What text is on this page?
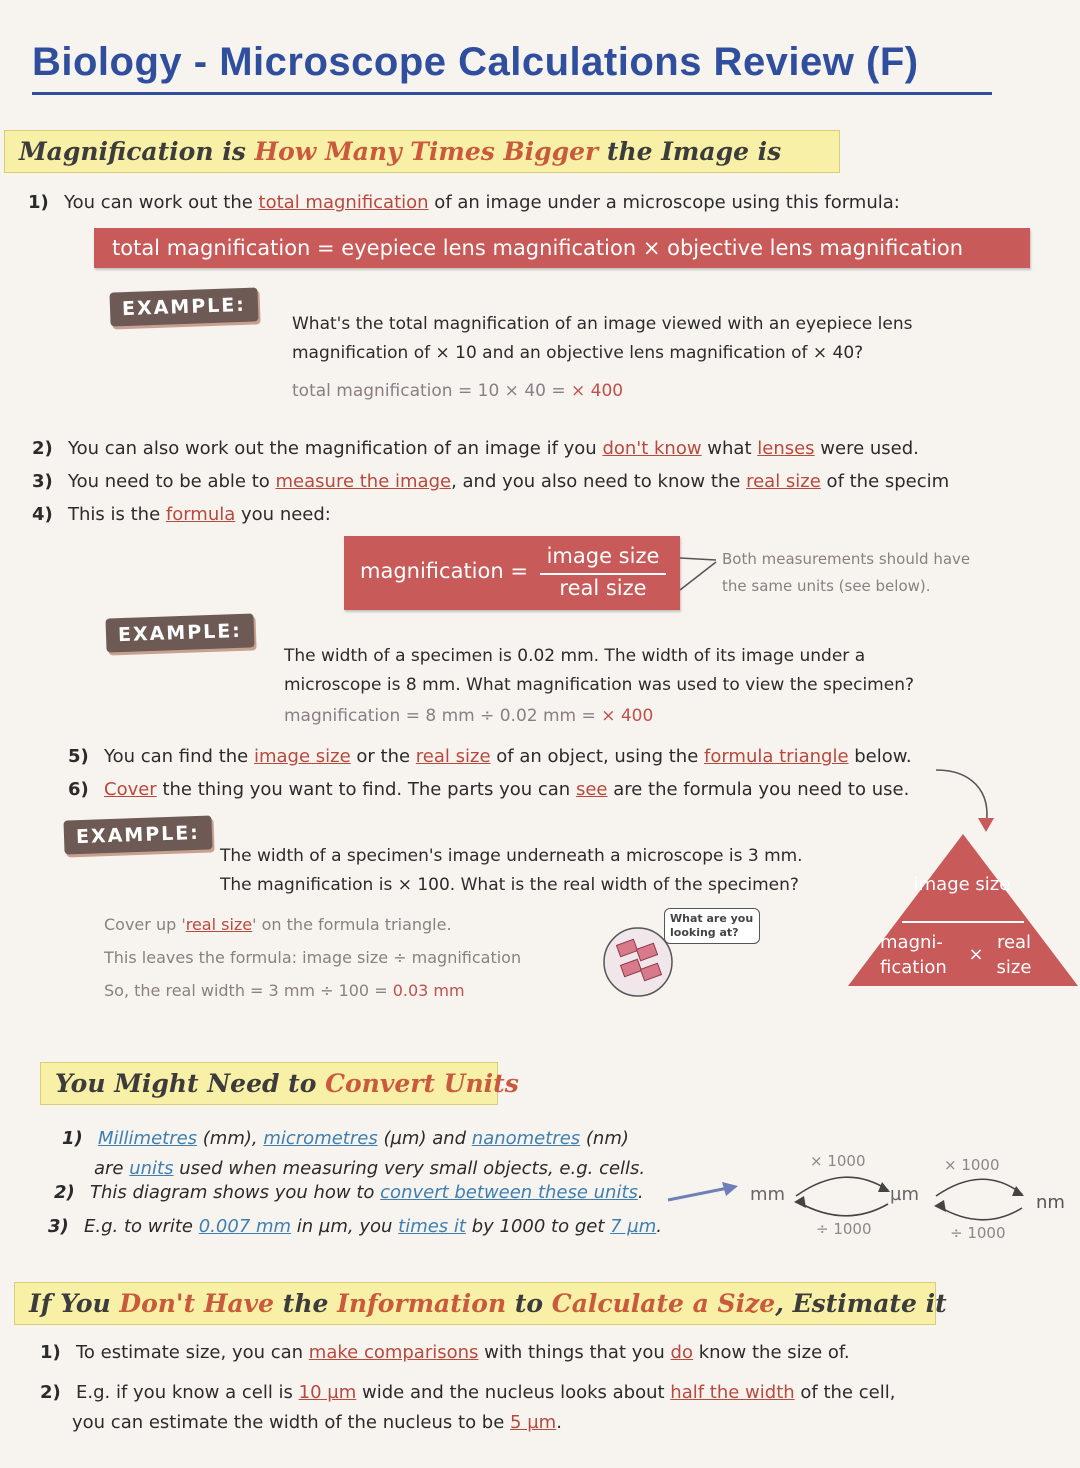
Biology - Microscope Calculations Review (F)
Magnification is How Many Times Bigger the Image is
1) You can work out the total magnification of an image under a microscope using this formula:
total magnification = eyepiece lens magnification × objective lens magnification
EXAMPLE:
What's the total magnification of an image viewed with an eyepiece lens
magnification of × 10 and an objective lens magnification of × 40?
total magnification = 10 × 40 = × 400
2) You can also work out the magnification of an image if you don't know what lenses were used.
3) You need to be able to measure the image, and you also need to know the real size of the specim
4) This is the formula you need:
magnification =
image size
real size
Both measurements should have
the same units (see below).
EXAMPLE:
The width of a specimen is 0.02 mm. The width of its image under a
microscope is 8 mm. What magnification was used to view the specimen?
magnification = 8 mm ÷ 0.02 mm = × 400
5) You can find the image size or the real size of an object, using the formula triangle below.
6) Cover the thing you want to find. The parts you can see are the formula you need to use.
EXAMPLE:
The width of a specimen's image underneath a microscope is 3 mm.
The magnification is × 100. What is the real width of the specimen?
Cover up 'real size' on the formula triangle.
This leaves the formula: image size ÷ magnification
So, the real width = 3 mm ÷ 100 = 0.03 mm
What are you looking at?
image size
magni- fication
×
real size
You Might Need to Convert Units
1) Millimetres (mm), micrometres (µm) and nanometres (nm)
are units used when measuring very small objects, e.g. cells.
2) This diagram shows you how to convert between these units.
3) E.g. to write 0.007 mm in µm, you times it by 1000 to get 7 µm.
mm	µm	nm
× 1000	× 1000
÷ 1000	÷ 1000
If You Don't Have the Information to Calculate a Size, Estimate it
1) To estimate size, you can make comparisons with things that you do know the size of.
2) E.g. if you know a cell is 10 µm wide and the nucleus looks about half the width of the cell,
you can estimate the width of the nucleus to be 5 µm.
